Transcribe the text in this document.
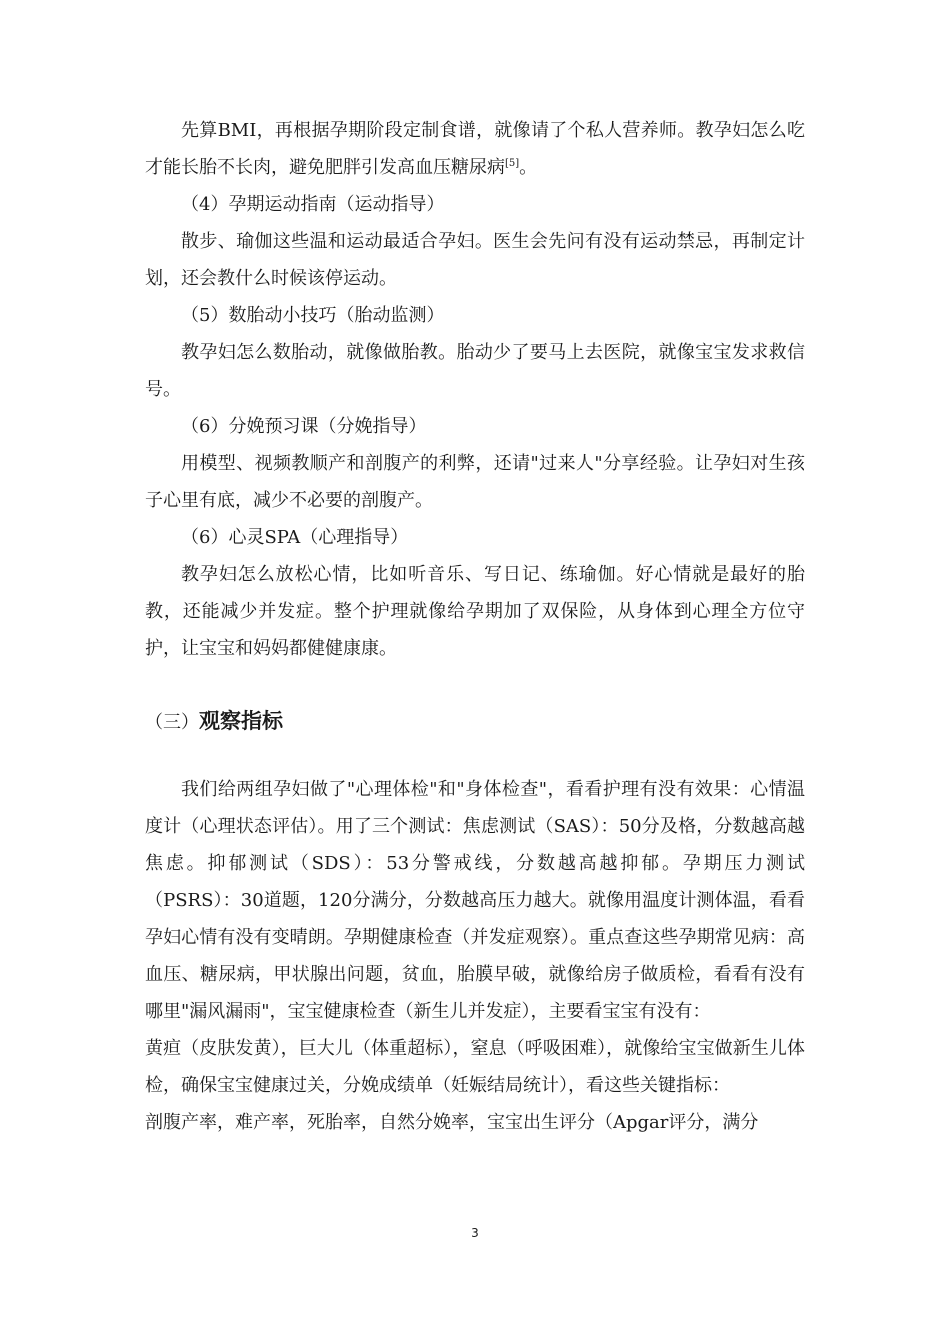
先算BMI，再根据孕期阶段定制食谱，就像请了个私人营养师。教孕妇怎么吃才能长胎不长肉，避免肥胖引发高血压糖尿病[5]。

（4）孕期运动指南（运动指导）

散步、瑜伽这些温和运动最适合孕妇。医生会先问有没有运动禁忌，再制定计划，还会教什么时候该停运动。

（5）数胎动小技巧（胎动监测）

教孕妇怎么数胎动，就像做胎教。胎动少了要马上去医院，就像宝宝发求救信号。

（6）分娩预习课（分娩指导）

用模型、视频教顺产和剖腹产的利弊，还请"过来人"分享经验。让孕妇对生孩子心里有底，减少不必要的剖腹产。

（6）心灵SPA（心理指导）

教孕妇怎么放松心情，比如听音乐、写日记、练瑜伽。好心情就是最好的胎教，还能减少并发症。整个护理就像给孕期加了双保险，从身体到心理全方位守护，让宝宝和妈妈都健健康康。

（三）观察指标

我们给两组孕妇做了"心理体检"和"身体检查"，看看护理有没有效果：心情温度计（心理状态评估）。用了三个测试：焦虑测试（SAS）：50分及格，分数越高越焦虑。抑郁测试（SDS）：53分警戒线，分数越高越抑郁。孕期压力测试（PSRS）：30道题，120分满分，分数越高压力越大。就像用温度计测体温，看看孕妇心情有没有变晴朗。孕期健康检查（并发症观察）。重点查这些孕期常见病：高血压、糖尿病，甲状腺出问题，贫血，胎膜早破，就像给房子做质检，看看有没有哪里"漏风漏雨"，宝宝健康检查（新生儿并发症），主要看宝宝有没有：

黄疸（皮肤发黄），巨大儿（体重超标），窒息（呼吸困难），就像给宝宝做新生儿体检，确保宝宝健康过关，分娩成绩单（妊娠结局统计），看这些关键指标：

剖腹产率，难产率，死胎率，自然分娩率，宝宝出生评分（Apgar评分，满分

3
